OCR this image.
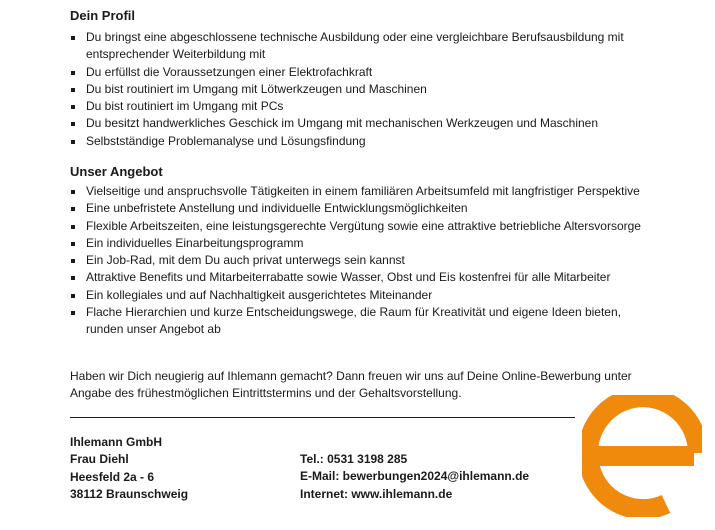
Dein Profil
Du bringst eine abgeschlossene technische Ausbildung oder eine vergleichbare Berufsausbildung mit entsprechender Weiterbildung mit
Du erfüllst die Voraussetzungen einer Elektrofachkraft
Du bist routiniert im Umgang mit Lötwerkzeugen und Maschinen
Du bist routiniert im Umgang mit PCs
Du besitzt handwerkliches Geschick im Umgang mit mechanischen Werkzeugen und Maschinen
Selbstständige Problemanalyse und Lösungsfindung
Unser Angebot
Vielseitige und anspruchsvolle Tätigkeiten in einem familiären Arbeitsumfeld mit langfristiger Perspektive
Eine unbefristete Anstellung und individuelle Entwicklungsmöglichkeiten
Flexible Arbeitszeiten, eine leistungsgerechte Vergütung sowie eine attraktive betriebliche Altersvorsorge
Ein individuelles Einarbeitungsprogramm
Ein Job-Rad, mit dem Du auch privat unterwegs sein kannst
Attraktive Benefits und Mitarbeiterrabatte sowie Wasser, Obst und Eis kostenfrei für alle Mitarbeiter
Ein kollegiales und auf Nachhaltigkeit ausgerichtetes Miteinander
Flache Hierarchien und kurze Entscheidungswege, die Raum für Kreativität und eigene Ideen bieten, runden unser Angebot ab

Haben wir Dich neugierig auf Ihlemann gemacht? Dann freuen wir uns auf Deine Online-Bewerbung unter Angabe des frühestmöglichen Eintrittstermins und der Gehaltsvorstellung.

Ihlemann GmbH
Frau Diehl
Heesfeld 2a - 6
38112 Braunschweig
Tel.: 0531 3198 285
E-Mail: bewerbungen2024@ihlemann.de
Internet: www.ihlemann.de
